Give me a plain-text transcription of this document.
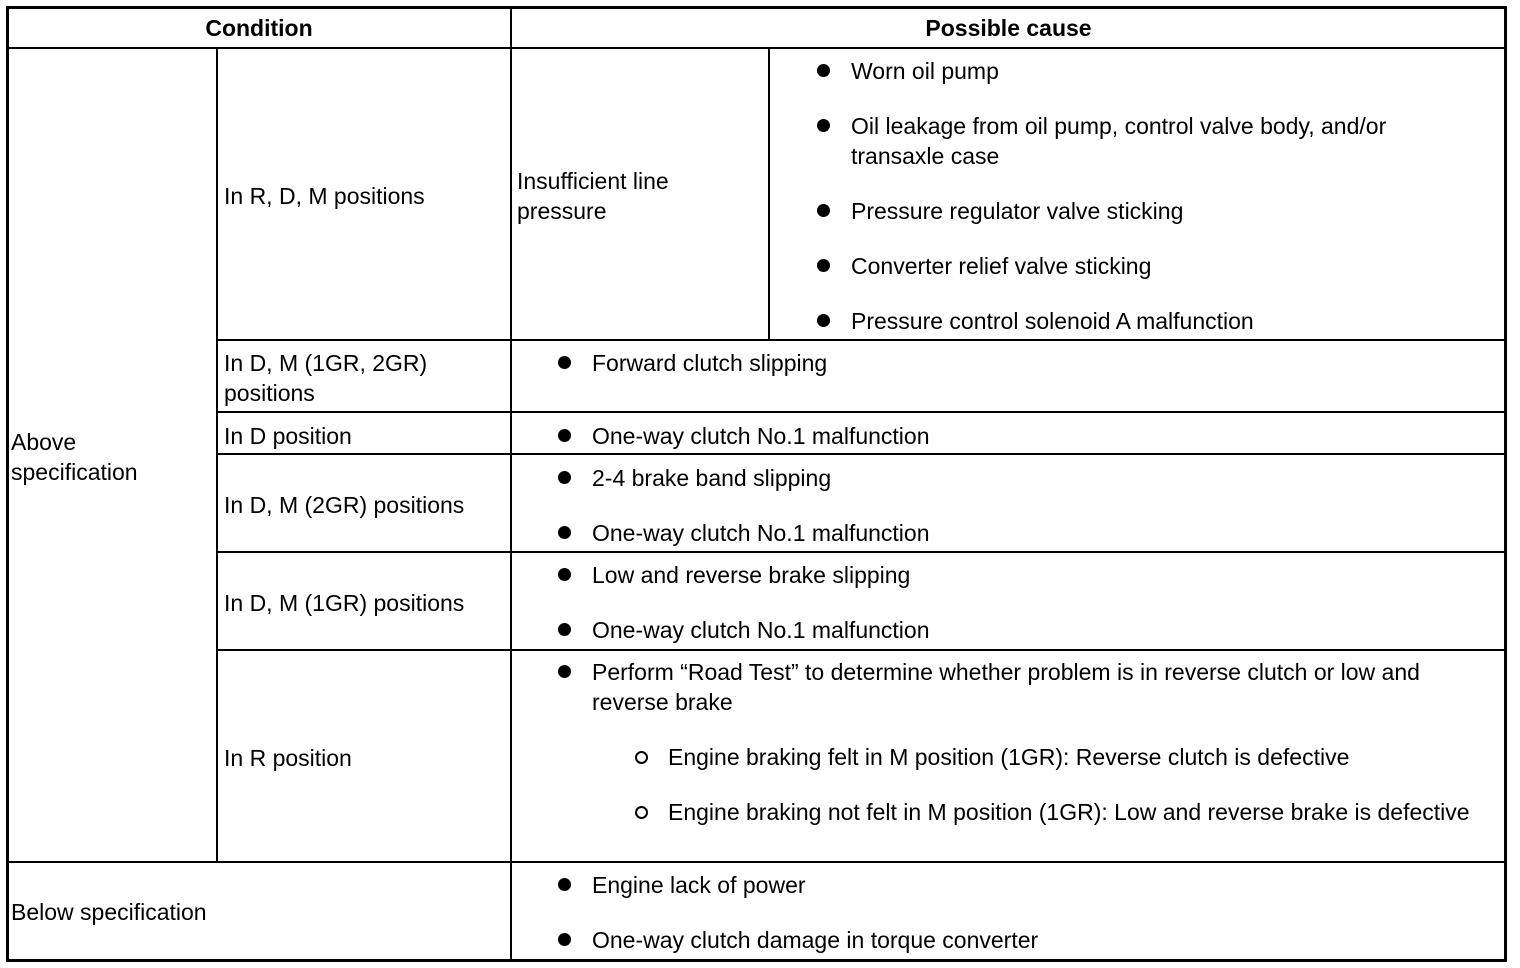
Condition	Possible cause
Above specification
In R, D, M positions
Insufficient line pressure
Worn oil pump
Oil leakage from oil pump, control valve body, and/or transaxle case
Pressure regulator valve sticking
Converter relief valve sticking
Pressure control solenoid A malfunction
In D, M (1GR, 2GR) positions
Forward clutch slipping
In D position	One-way clutch No.1 malfunction
In D, M (2GR) positions
2-4 brake band slipping
One-way clutch No.1 malfunction
In D, M (1GR) positions
Low and reverse brake slipping
One-way clutch No.1 malfunction
In R position
Perform “Road Test” to determine whether problem is in reverse clutch or low and reverse brake
Engine braking felt in M position (1GR): Reverse clutch is defective
Engine braking not felt in M position (1GR): Low and reverse brake is defective
Below specification
Engine lack of power
One-way clutch damage in torque converter
